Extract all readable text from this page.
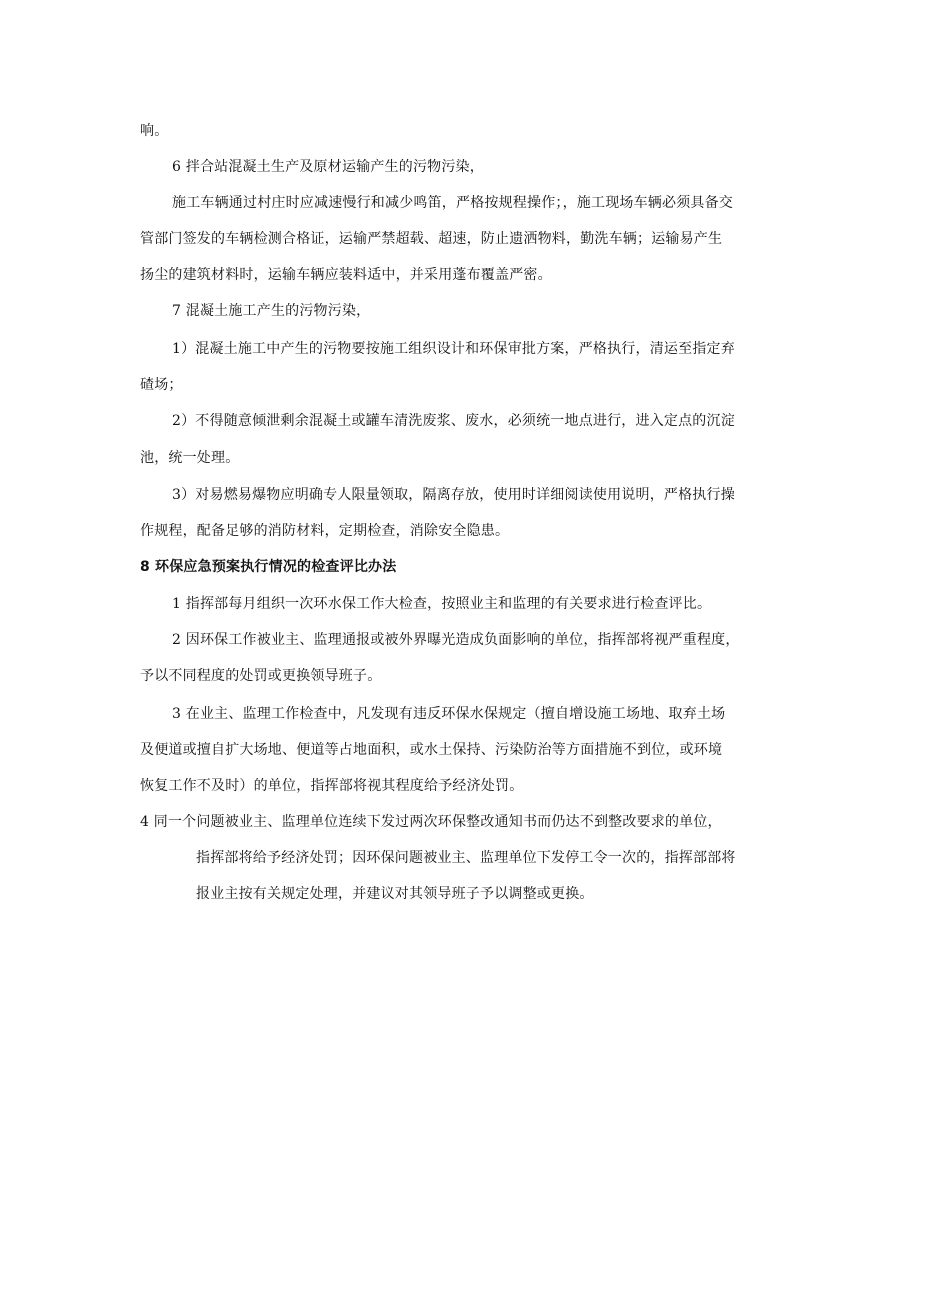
响。
6 拌合站混凝土生产及原材运输产生的污物污染，
施工车辆通过村庄时应减速慢行和减少鸣笛，严格按规程操作；，施工现场车辆必须具备交
管部门签发的车辆检测合格证，运输严禁超载、超速，防止遗洒物料，勤洗车辆；运输易产生
扬尘的建筑材料时，运输车辆应装料适中，并采用蓬布覆盖严密。
7 混凝土施工产生的污物污染，
1）混凝土施工中产生的污物要按施工组织设计和环保审批方案，严格执行，清运至指定弃
碴场；
2）不得随意倾泄剩余混凝土或罐车清洗废浆、废水，必须统一地点进行，进入定点的沉淀
池，统一处理。
3）对易燃易爆物应明确专人限量领取，隔离存放，使用时详细阅读使用说明，严格执行操
作规程，配备足够的消防材料，定期检查，消除安全隐患。
8 环保应急预案执行情况的检查评比办法
1 指挥部每月组织一次环水保工作大检查，按照业主和监理的有关要求进行检查评比。
2 因环保工作被业主、监理通报或被外界曝光造成负面影响的单位，指挥部将视严重程度，
予以不同程度的处罚或更换领导班子。
3 在业主、监理工作检查中，凡发现有违反环保水保规定（擅自增设施工场地、取弃土场
及便道或擅自扩大场地、便道等占地面积，或水土保持、污染防治等方面措施不到位，或环境
恢复工作不及时）的单位，指挥部将视其程度给予经济处罚。
4 同一个问题被业主、监理单位连续下发过两次环保整改通知书而仍达不到整改要求的单位，
指挥部将给予经济处罚；因环保问题被业主、监理单位下发停工令一次的，指挥部部将
报业主按有关规定处理，并建议对其领导班子予以调整或更换。
